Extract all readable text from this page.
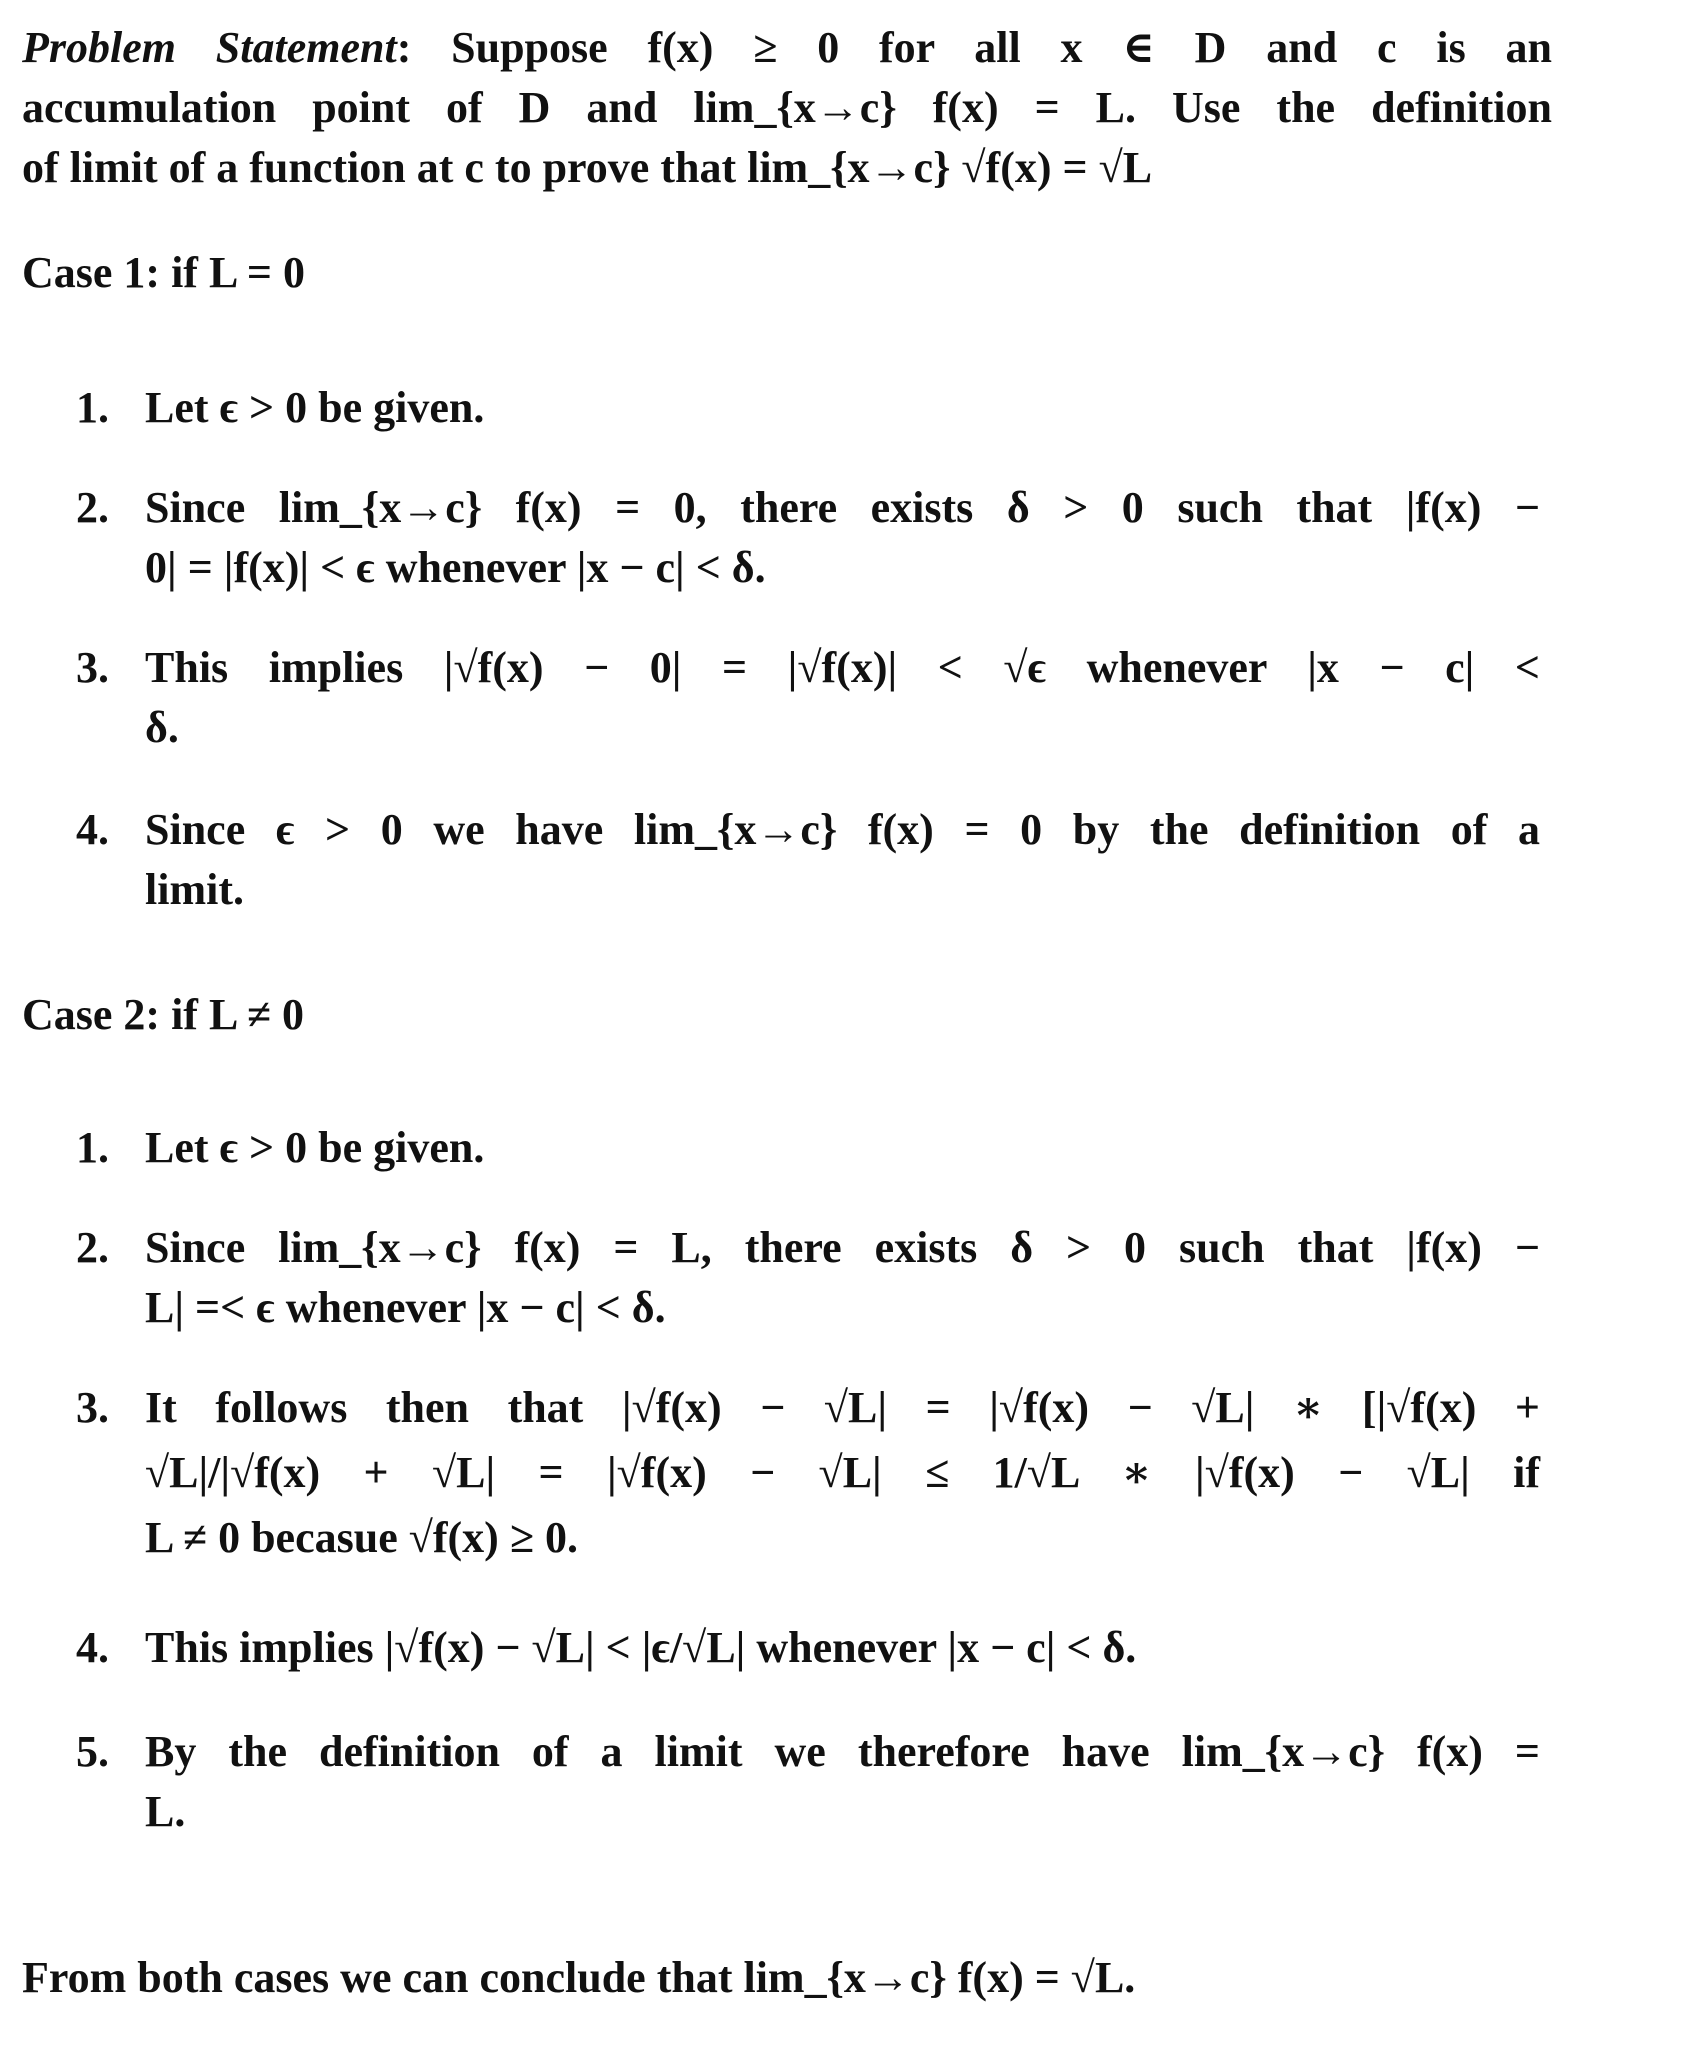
Problem Statement: Suppose f(x) ≥ 0 for all x ∈ D and c is an
accumulation point of D and lim_{x→c} f(x) = L. Use the definition
of limit of a function at c to prove that lim_{x→c} √f(x) = √L
Case 1: if L = 0
1. Let ϵ > 0 be given.
2. Since lim_{x→c} f(x) = 0, there exists δ > 0 such that |f(x) −
0| = |f(x)| < ϵ whenever |x − c| < δ.
3. This implies |√f(x) − 0| = |√f(x)| < √ϵ whenever |x − c| <
δ.
4. Since ϵ > 0 we have lim_{x→c} f(x) = 0 by the definition of a
limit.
Case 2: if L ≠ 0
1. Let ϵ > 0 be given.
2. Since lim_{x→c} f(x) = L, there exists δ > 0 such that |f(x) −
L| =< ϵ whenever |x − c| < δ.
3. It follows then that |√f(x) − √L| = |√f(x) − √L| ∗ [|√f(x) +
√L|/|√f(x) + √L| = |√f(x) − √L| ≤ 1/√L ∗ |√f(x) − √L| if
L ≠ 0 becasue √f(x) ≥ 0.
4. This implies |√f(x) − √L| < |ϵ/√L| whenever |x − c| < δ.
5. By the definition of a limit we therefore have lim_{x→c} f(x) =
L.
From both cases we can conclude that lim_{x→c} f(x) = √L.
